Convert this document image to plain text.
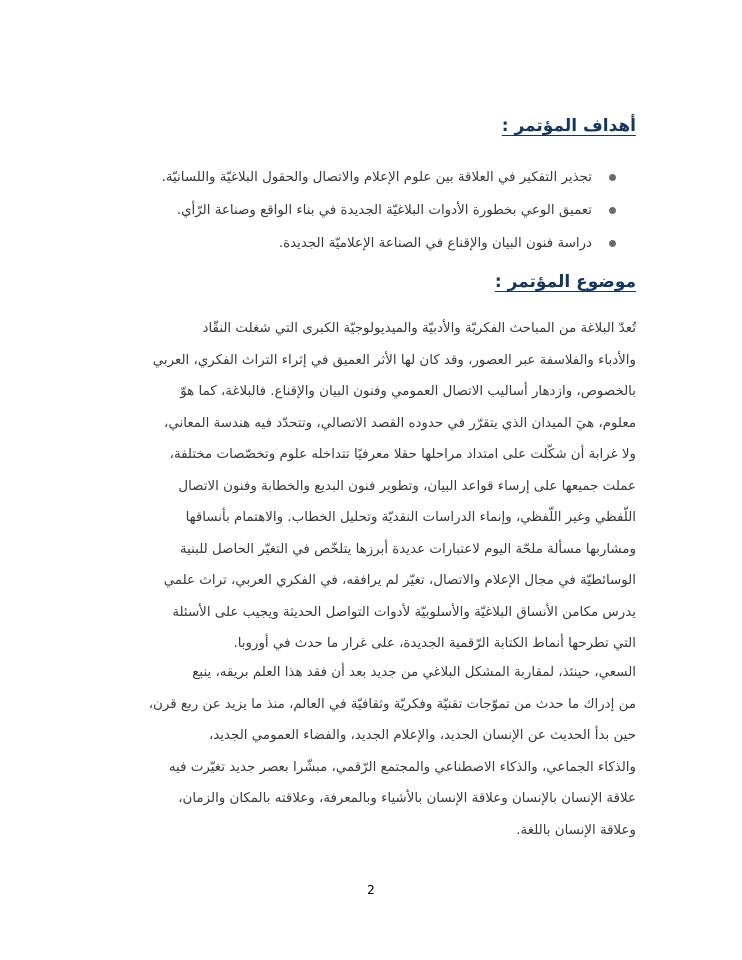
أهداف المؤتمر :
تجذير التفكير في العلاقة بين علوم الإعلام والاتصال والحقول البلاغيّة واللسانيّة.
تعميق الوعي بخطورة الأدوات البلاغيّة الجديدة في بناء الواقع وصناعة الرّأي.
دراسة فنون البيان والإقناع في الصناعة الإعلاميّة الجديدة.
موضوع المؤتمر :

تُعدّ البلاغة من المباحث الفكريّة والأدبيّة والميديولوجيّة الكبرى التي شغلت النقّاد
والأدباء والفلاسفة عبر العصور، وقد كان لها الأثر العميق في إثراء التراث الفكري، العربي
بالخصوص، وازدهار أساليب الاتصال العمومي وفنون البيان والإقناع. فالبلاغة، كما هوّ
معلوم، هيَ الميدان الذي يتقرّر في حدوده القصد الاتصالي، وتتحدّد فيه هندسة المعاني،
ولا غرابة أن شكّلت على امتداد مراحلها حقلا معرفيًا تتداخله علوم وتخصّصات مختلفة،
عملت جميعها على إرساء قواعد البيان، وتطوير فنون البديع والخطابة وفنون الاتصال
اللّفظي وغير اللّفظي، وإنماء الدراسات النقديّة وتحليل الخطاب. والاهتمام بأنساقها
ومشاربها مسألة ملحّة اليوم لاعتبارات عديدة أبرزها يتلخّص في التغيّر الحاصل للبنية
الوسائطيّة في مجال الإعلام والاتصال، تغيّر لم يرافقه، في الفكري العربي، تراث علمي
يدرس مكامن الأنساق البلاغيّة والأسلوبيّة لأدوات التواصل الحديثة ويجيب على الأسئلة
التي تطرحها أنماط الكتابة الرّقمية الجديدة، على غرار ما حدث في أوروبا.

السعي، حينئذ، لمقاربة المشكل البلاغي من جديد بعد أن فقد هذا العلم بريقه، ينبع
من إدراك ما حدث من تموّجات تقنيّة وفكريّة وثقافيّة في العالم، منذ ما يزيد عن ربع قرن،
حين بدأ الحديث عن الإنسان الجديد، والإعلام الجديد، والفضاء العمومي الجديد،
والذكاء الجماعي، والذكاء الاصطناعي والمجتمع الرّقمي، مبشّرا بعصر جديد تغيّرت فيه
علاقة الإنسان بالإنسان وعلاقة الإنسان بالأشياء وبالمعرفة، وعلاقته بالمكان والزمان،
وعلاقة الإنسان باللغة.

2
